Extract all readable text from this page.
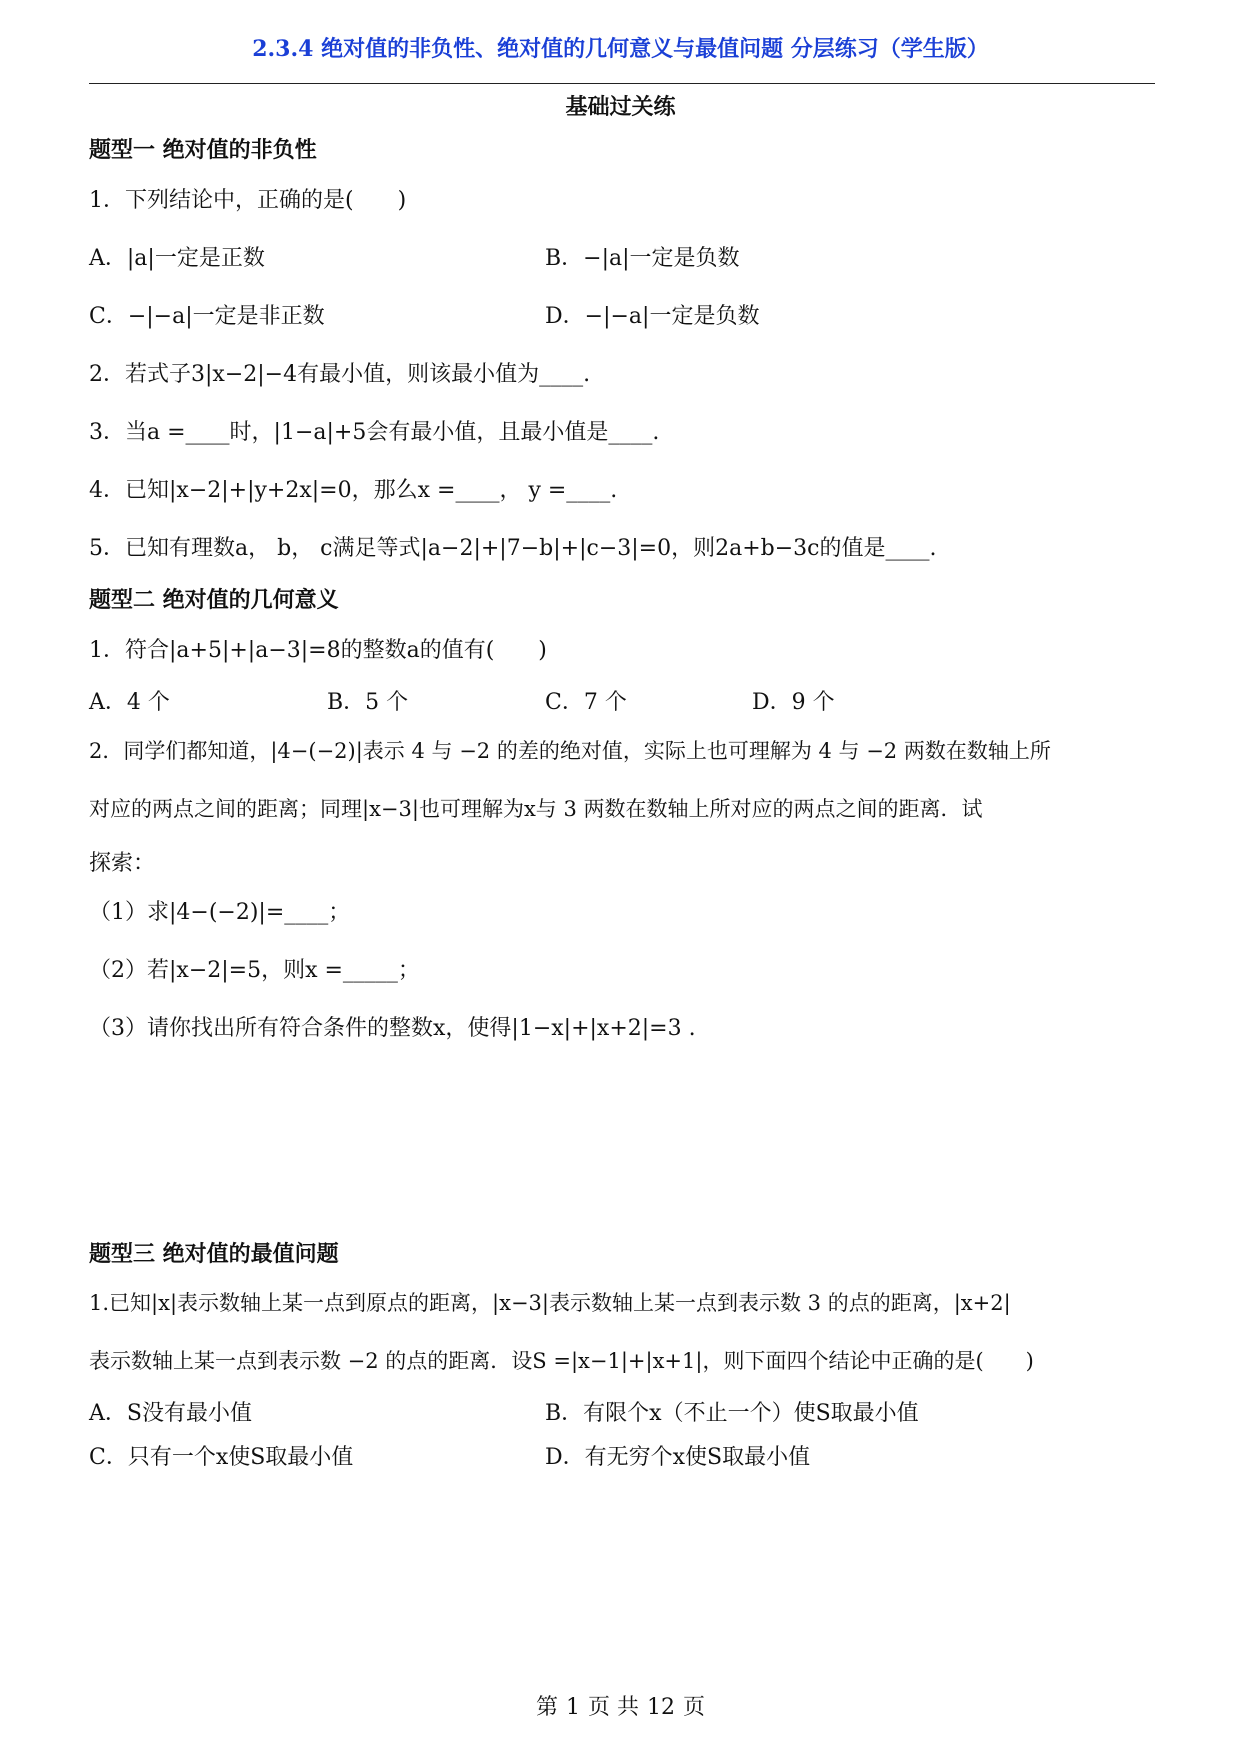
2.3.4 绝对值的非负性、绝对值的几何意义与最值问题 分层练习（学生版）
基础过关练
题型一 绝对值的非负性
1．下列结论中，正确的是(　　)
A．|a|一定是正数	B．−|a|一定是负数
C．−|−a|一定是非正数	D．−|−a|一定是负数
2．若式子3|x−2|−4有最小值，则该最小值为____.
3．当a =____时，|1−a|+5会有最小值，且最小值是____.
4．已知|x−2|+|y+2x|=0，那么x =____， y =____.
5．已知有理数a， b， c满足等式|a−2|+|7−b|+|c−3|=0，则2a+b−3c的值是____.
题型二 绝对值的几何意义
1．符合|a+5|+|a−3|=8的整数a的值有(　　)
A．4 个	B．5 个	C．7 个	D．9 个
2．同学们都知道，|4−(−2)|表示 4 与 −2 的差的绝对值，实际上也可理解为 4 与 −2 两数在数轴上所
对应的两点之间的距离；同理|x−3|也可理解为x与 3 两数在数轴上所对应的两点之间的距离．试
探索：
（1）求|4−(−2)|=____；
（2）若|x−2|=5，则x =_____；
（3）请你找出所有符合条件的整数x，使得|1−x|+|x+2|=3 .
题型三 绝对值的最值问题
1.已知|x|表示数轴上某一点到原点的距离，|x−3|表示数轴上某一点到表示数 3 的点的距离，|x+2|
表示数轴上某一点到表示数 −2 的点的距离．设S =|x−1|+|x+1|，则下面四个结论中正确的是(　　)
A．S没有最小值	B．有限个x（不止一个）使S取最小值
C．只有一个x使S取最小值	D．有无穷个x使S取最小值
第 1 页 共 12 页
